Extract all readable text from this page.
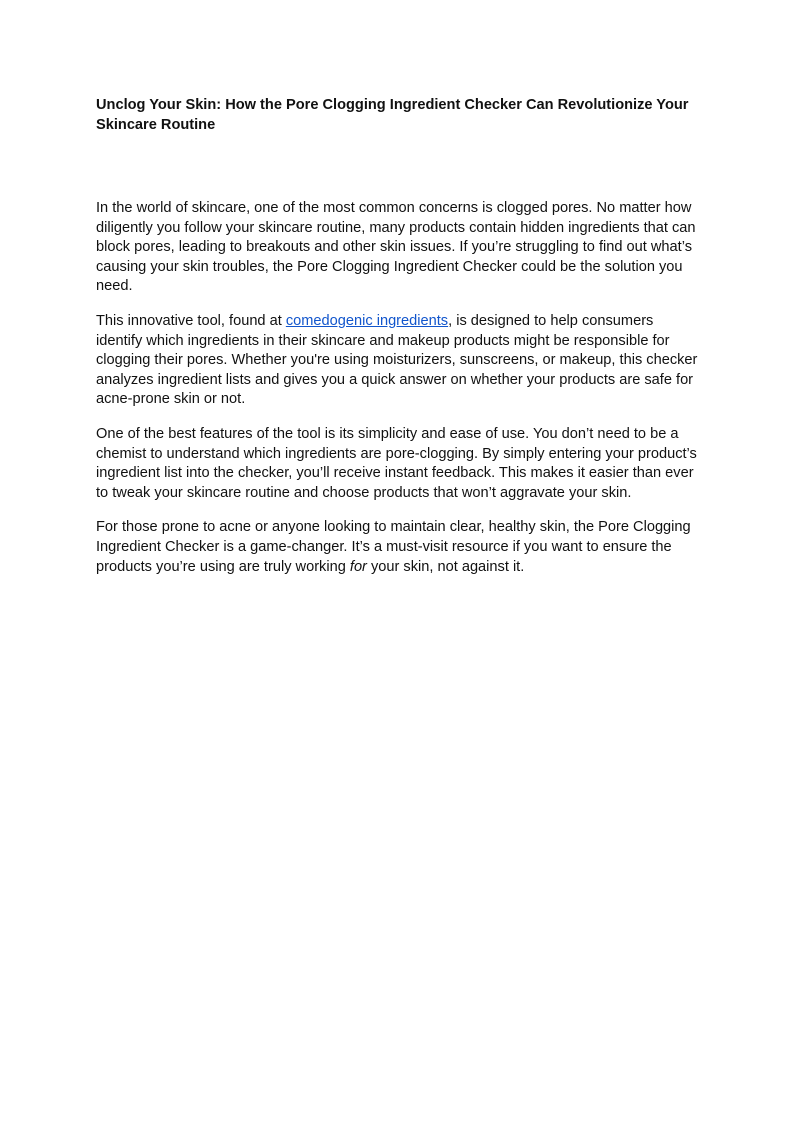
Unclog Your Skin: How the Pore Clogging Ingredient Checker Can Revolutionize Your Skincare Routine

In the world of skincare, one of the most common concerns is clogged pores. No matter how diligently you follow your skincare routine, many products contain hidden ingredients that can block pores, leading to breakouts and other skin issues. If you’re struggling to find out what’s causing your skin troubles, the Pore Clogging Ingredient Checker could be the solution you need.

This innovative tool, found at comedogenic ingredients, is designed to help consumers identify which ingredients in their skincare and makeup products might be responsible for clogging their pores. Whether you're using moisturizers, sunscreens, or makeup, this checker analyzes ingredient lists and gives you a quick answer on whether your products are safe for acne-prone skin or not.

One of the best features of the tool is its simplicity and ease of use. You don’t need to be a chemist to understand which ingredients are pore-clogging. By simply entering your product’s ingredient list into the checker, you’ll receive instant feedback. This makes it easier than ever to tweak your skincare routine and choose products that won’t aggravate your skin.

For those prone to acne or anyone looking to maintain clear, healthy skin, the Pore Clogging Ingredient Checker is a game-changer. It’s a must-visit resource if you want to ensure the products you’re using are truly working for your skin, not against it.
